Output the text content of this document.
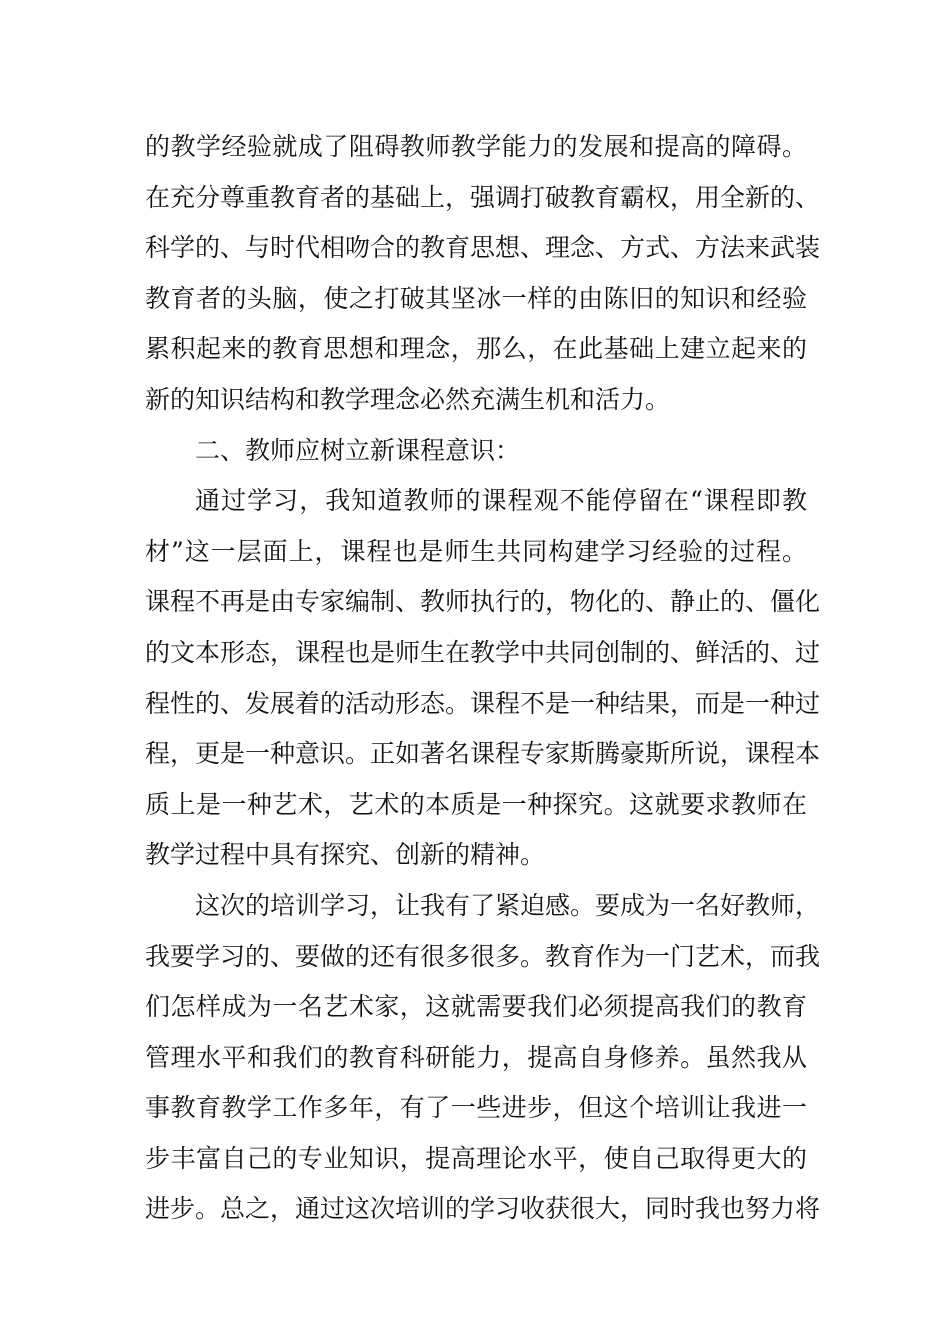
的教学经验就成了阻碍教师教学能力的发展和提高的障碍。
在充分尊重教育者的基础上，强调打破教育霸权，用全新的、
科学的、与时代相吻合的教育思想、理念、方式、方法来武装
教育者的头脑，使之打破其坚冰一样的由陈旧的知识和经验
累积起来的教育思想和理念，那么，在此基础上建立起来的
新的知识结构和教学理念必然充满生机和活力。
二、教师应树立新课程意识：
通过学习，我知道教师的课程观不能停留在“课程即教
材”这一层面上，课程也是师生共同构建学习经验的过程。
课程不再是由专家编制、教师执行的，物化的、静止的、僵化
的文本形态，课程也是师生在教学中共同创制的、鲜活的、过
程性的、发展着的活动形态。课程不是一种结果，而是一种过
程，更是一种意识。正如著名课程专家斯腾豪斯所说，课程本
质上是一种艺术，艺术的本质是一种探究。这就要求教师在
教学过程中具有探究、创新的精神。
这次的培训学习，让我有了紧迫感。要成为一名好教师，
我要学习的、要做的还有很多很多。教育作为一门艺术，而我
们怎样成为一名艺术家，这就需要我们必须提高我们的教育
管理水平和我们的教育科研能力，提高自身修养。虽然我从
事教育教学工作多年，有了一些进步，但这个培训让我进一
步丰富自己的专业知识，提高理论水平，使自己取得更大的
进步。总之，通过这次培训的学习收获很大，同时我也努力将
